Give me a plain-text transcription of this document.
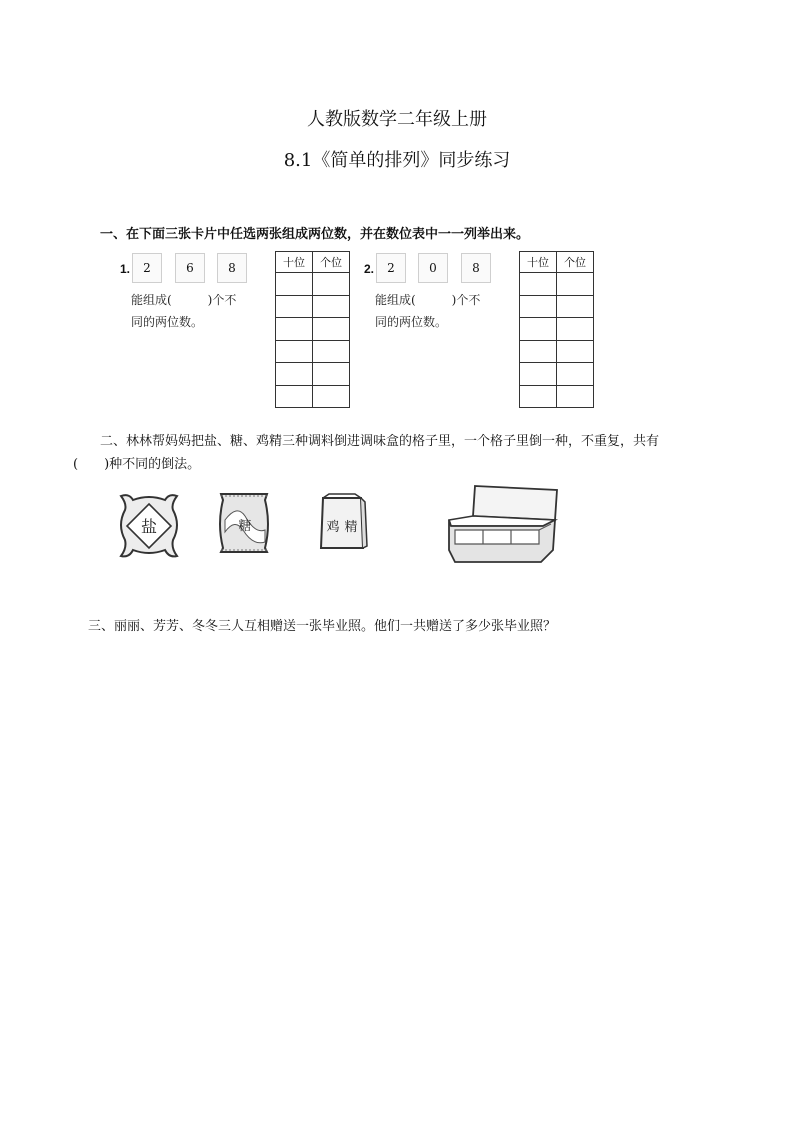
人教版数学二年级上册
8.1《简单的排列》同步练习
一、在下面三张卡片中任选两张组成两位数，并在数位表中一一列举出来。
1.	2	6	8
能组成(　　　)个不
同的两位数。
十位	个位

	2.	2	0	8
能组成(　　　)个不
同的两位数。
十位	个位

二、林林帮妈妈把盐、糖、鸡精三种调料倒进调味盒的格子里，一个格子里倒一种，不重复，共有
(　　)种不同的倒法。
盐	糖	鸡 精
三、丽丽、芳芳、冬冬三人互相赠送一张毕业照。他们一共赠送了多少张毕业照？
